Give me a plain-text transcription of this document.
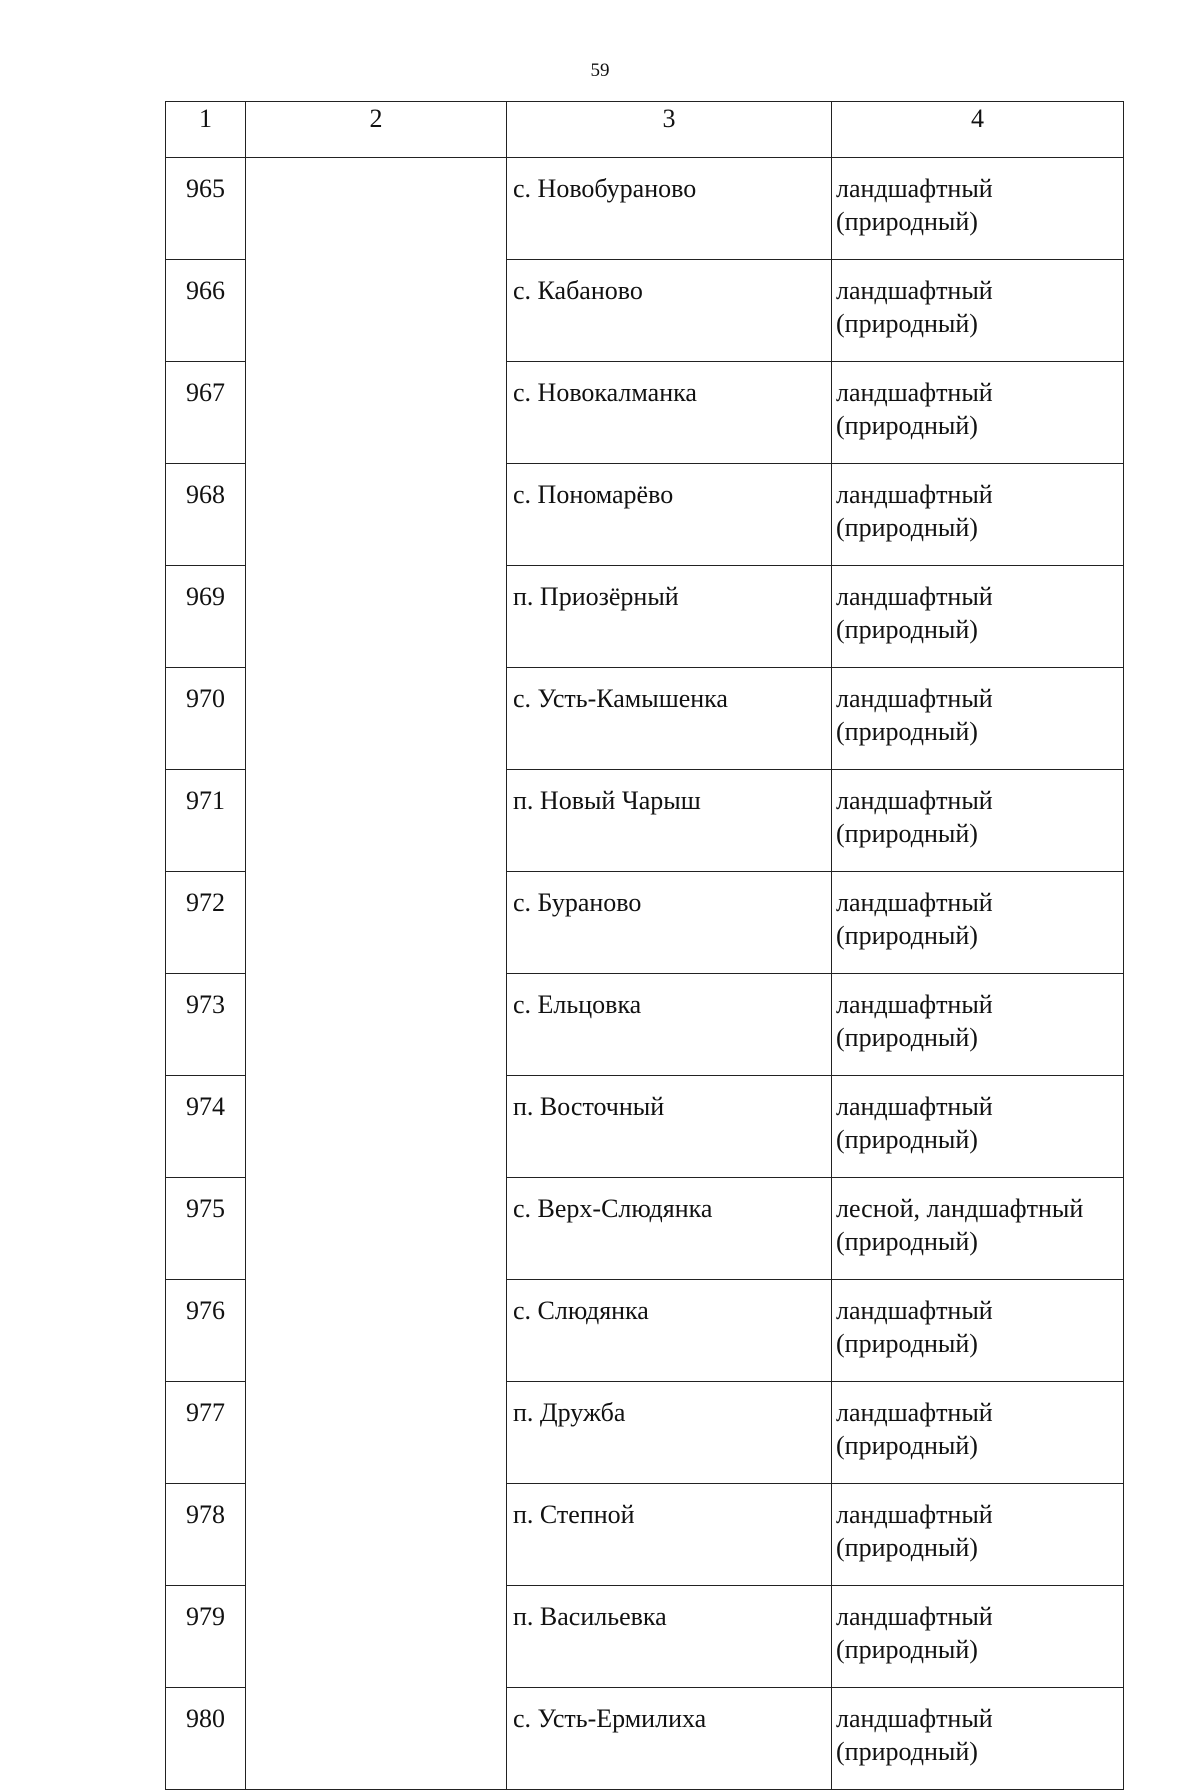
59
1	2	3	4
965		с. Новобураново	ландшафтный
(природный)

966		с. Кабаново	ландшафтный
(природный)

967		с. Новокалманка	ландшафтный
(природный)

968		с. Пономарёво	ландшафтный
(природный)

969		п. Приозёрный	ландшафтный
(природный)

970		с. Усть-Камышенка	ландшафтный
(природный)

971		п. Новый Чарыш	ландшафтный
(природный)

972		с. Бураново	ландшафтный
(природный)

973		с. Ельцовка	ландшафтный
(природный)

974		п. Восточный	ландшафтный
(природный)

975		с. Верх-Слюдянка	лесной, ландшафтный
(природный)

976		с. Слюдянка	ландшафтный
(природный)

977		п. Дружба	ландшафтный
(природный)

978		п. Степной	ландшафтный
(природный)

979		п. Васильевка	ландшафтный
(природный)

980		с. Усть-Ермилиха	ландшафтный
(природный)
